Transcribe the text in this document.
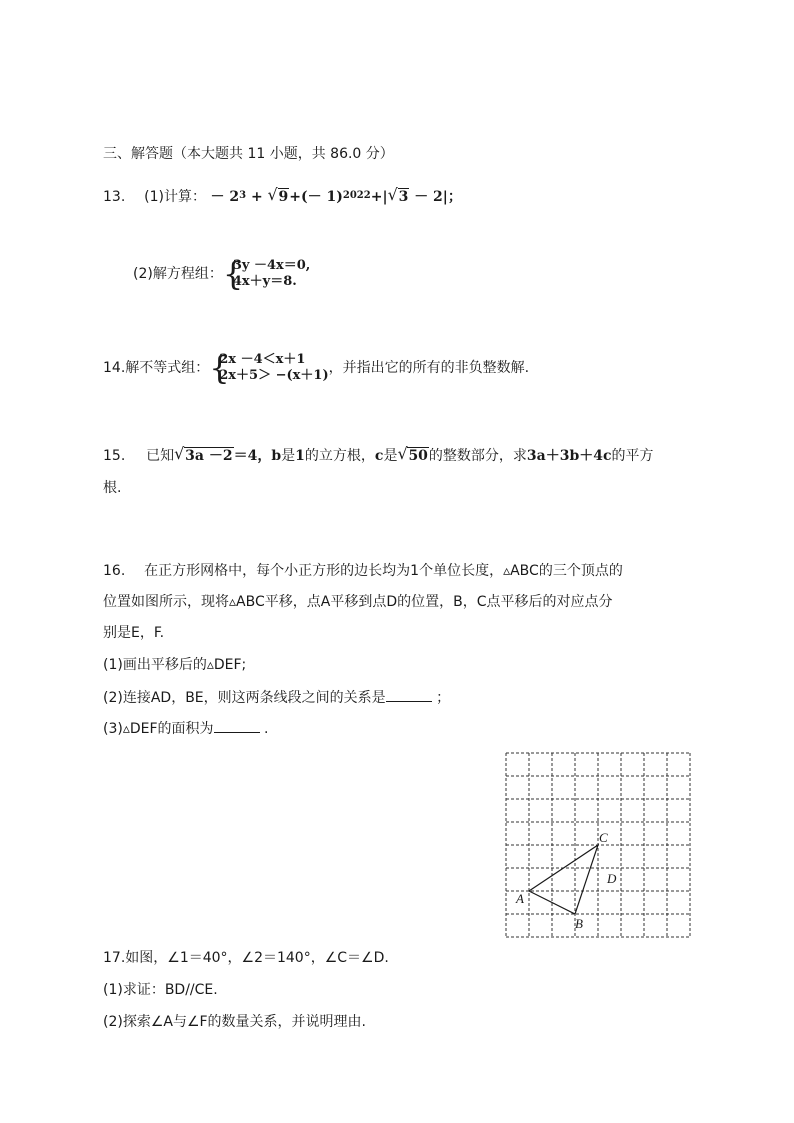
三、解答题（本大题共 11 小题，共 86.0 分）
13. (1)计算： － $2^3$ + √ $9+(- 1)^{2022}+|$ √ 3 － 2|；
(2)解方程组： {
3y －4x＝0,
4x＋y＝8.
14.解不等式组： {
2x －4＜x＋1
2x＋5＞ −(x＋1) ，并指出它的所有的非负整数解.
15. 已知 √ 3a －2＝4，b是1的立方根，c是 √ 50的整数部分，求3a＋3b＋4c的平方
根.
16. 在正方形网格中，每个小正方形的边长均为1个单位长度，▵ABC的三个顶点的
位置如图所示，现将▵ABC平移，点A平移到点D的位置，B，C点平移后的对应点分
别是E，F.
(1)画出平移后的▵DEF;
(2)连接AD，BE，则这两条线段之间的关系是	；
(3)▵DEF的面积为	.
A
B
C
D
17.如图，∠1＝40°，∠2＝140°，∠C＝∠D.
(1)求证：BD//CE.
(2)探索∠A与∠F的数量关系，并说明理由.
